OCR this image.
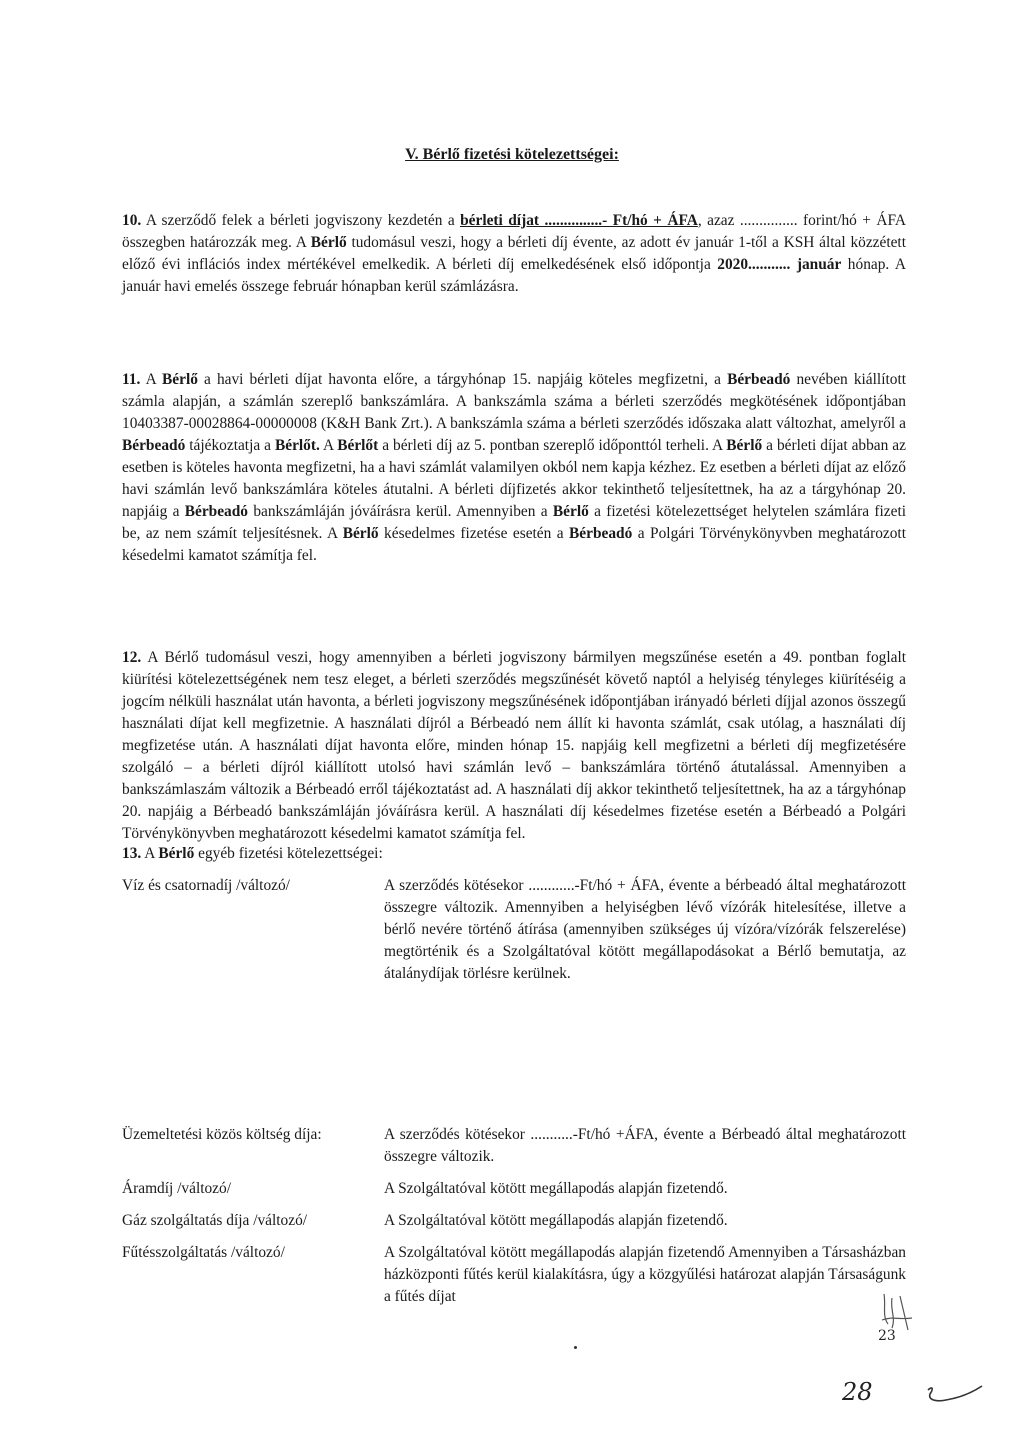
V. Bérlő fizetési kötelezettségei:

10. A szerződő felek a bérleti jogviszony kezdetén a bérleti díjat ...............- Ft/hó + ÁFA, azaz ............... forint/hó + ÁFA összegben határozzák meg. A Bérlő tudomásul veszi, hogy a bérleti díj évente, az adott év január 1-től a KSH által közzétett előző évi inflációs index mértékével emelkedik. A bérleti díj emelkedésének első időpontja 2020........... január hónap. A január havi emelés összege február hónapban kerül számlázásra.

11. A Bérlő a havi bérleti díjat havonta előre, a tárgyhónap 15. napjáig köteles megfizetni, a Bérbeadó nevében kiállított számla alapján, a számlán szereplő bankszámlára. A bankszámla száma a bérleti szerződés megkötésének időpontjában 10403387-00028864-00000008 (K&H Bank Zrt.). A bankszámla száma a bérleti szerződés időszaka alatt változhat, amelyről a Bérbeadó tájékoztatja a Bérlőt. A Bérlőt a bérleti díj az 5. pontban szereplő időponttól terheli. A Bérlő a bérleti díjat abban az esetben is köteles havonta megfizetni, ha a havi számlát valamilyen okból nem kapja kézhez. Ez esetben a bérleti díjat az előző havi számlán levő bankszámlára köteles átutalni. A bérleti díjfizetés akkor tekinthető teljesítettnek, ha az a tárgyhónap 20. napjáig a Bérbeadó bankszámláján jóváírásra kerül. Amennyiben a Bérlő a fizetési kötelezettséget helytelen számlára fizeti be, az nem számít teljesítésnek. A Bérlő késedelmes fizetése esetén a Bérbeadó a Polgári Törvénykönyvben meghatározott késedelmi kamatot számítja fel.

12. A Bérlő tudomásul veszi, hogy amennyiben a bérleti jogviszony bármilyen megszűnése esetén a 49. pontban foglalt kiürítési kötelezettségének nem tesz eleget, a bérleti szerződés megszűnését követő naptól a helyiség tényleges kiürítéséig a jogcím nélküli használat után havonta, a bérleti jogviszony megszűnésének időpontjában irányadó bérleti díjjal azonos összegű használati díjat kell megfizetnie. A használati díjról a Bérbeadó nem állít ki havonta számlát, csak utólag, a használati díj megfizetése után. A használati díjat havonta előre, minden hónap 15. napjáig kell megfizetni a bérleti díj megfizetésére szolgáló – a bérleti díjról kiállított utolsó havi számlán levő – bankszámlára történő átutalással. Amennyiben a bankszámlaszám változik a Bérbeadó erről tájékoztatást ad. A használati díj akkor tekinthető teljesítettnek, ha az a tárgyhónap 20. napjáig a Bérbeadó bankszámláján jóváírásra kerül. A használati díj késedelmes fizetése esetén a Bérbeadó a Polgári Törvénykönyvben meghatározott késedelmi kamatot számítja fel.

13. A Bérlő egyéb fizetési kötelezettségei:
Víz és csatornadíj /változó/	A szerződés kötésekor ............-Ft/hó + ÁFA, évente a bérbeadó által meghatározott összegre változik. Amennyiben a helyiségben lévő vízórák hitelesítése, illetve a bérlő nevére történő átírása (amennyiben szükséges új vízóra/vízórák felszerelése) megtörténik és a Szolgáltatóval kötött megállapodásokat a Bérlő bemutatja, az átalánydíjak törlésre kerülnek.
Üzemeltetési közös költség díja:	A szerződés kötésekor ...........-Ft/hó +ÁFA, évente a Bérbeadó által meghatározott összegre változik.
Áramdíj /változó/	A Szolgáltatóval kötött megállapodás alapján fizetendő.
Gáz szolgáltatás díja /változó/	A Szolgáltatóval kötött megállapodás alapján fizetendő.
Fűtésszolgáltatás /változó/	A Szolgáltatóval kötött megállapodás alapján fizetendő Amennyiben a Társasházban házközponti fűtés kerül kialakításra, úgy a közgyűlési határozat alapján Társaságunk a fűtés díjat
23
28
